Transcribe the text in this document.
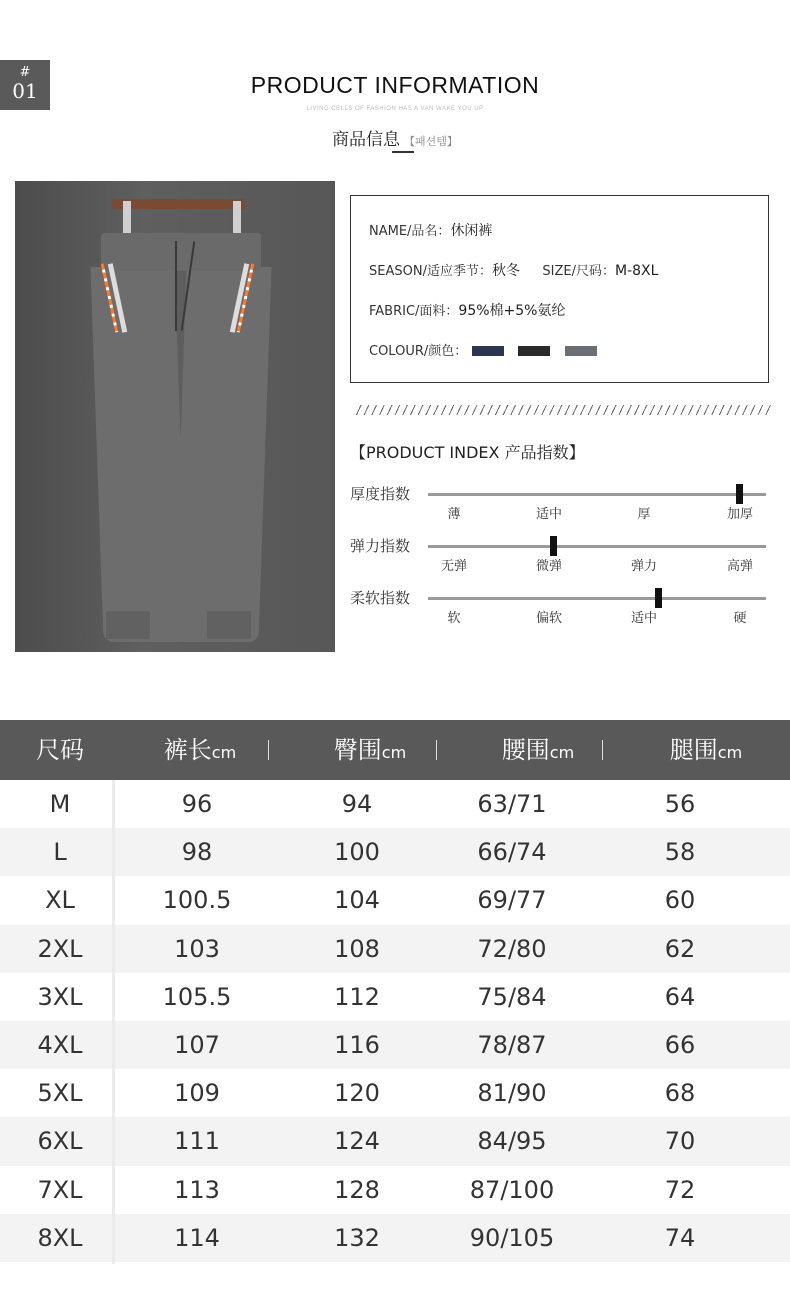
#
01	PRODUCT INFORMATION
LIVING CELLS OF FASHION HAS A VAN WAKE YOU UP
商品信息 【패션템】
NAME/品名：休闲裤
SEASON/适应季节：秋冬 SIZE/尺码：M-8XL
FABRIC/面料：95%棉+5%氨纶
COLOUR/颜色：
【PRODUCT INDEX 产品指数】
厚度指数
薄	适中	厚	加厚
弹力指数
无弹	微弹	弹力	高弹
柔软指数
软	偏软	适中	硬
尺码	裤长cm	臀围cm	腰围cm	腿围cm
M	96	94	63/71	56
L	98	100	66/74	58
XL	100.5	104	69/77	60
2XL	103	108	72/80	62
3XL	105.5	112	75/84	64
4XL	107	116	78/87	66
5XL	109	120	81/90	68
6XL	111	124	84/95	70
7XL	113	128	87/100	72
8XL	114	132	90/105	74
